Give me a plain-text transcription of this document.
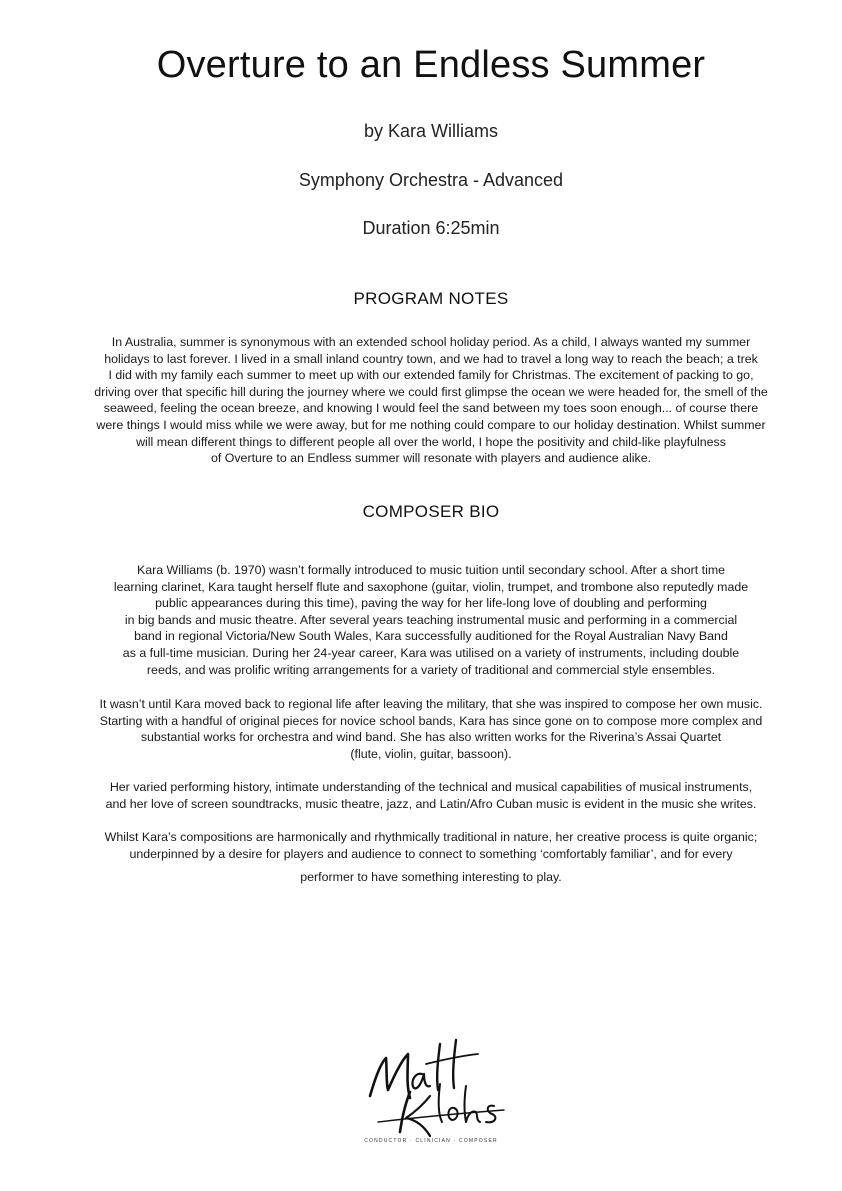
Overture to an Endless Summer
by Kara Williams
Symphony Orchestra - Advanced
Duration 6:25min
PROGRAM NOTES
In Australia, summer is synonymous with an extended school holiday period. As a child, I always wanted my summer
holidays to last forever. I lived in a small inland country town, and we had to travel a long way to reach the beach; a trek
I did with my family each summer to meet up with our extended family for Christmas. The excitement of packing to go,
driving over that specific hill during the journey where we could first glimpse the ocean we were headed for, the smell of the
seaweed, feeling the ocean breeze, and knowing I would feel the sand between my toes soon enough... of course there
were things I would miss while we were away, but for me nothing could compare to our holiday destination. Whilst summer
will mean different things to different people all over the world, I hope the positivity and child-like playfulness
of Overture to an Endless summer will resonate with players and audience alike.
COMPOSER BIO
Kara Williams (b. 1970) wasn’t formally introduced to music tuition until secondary school. After a short time
learning clarinet, Kara taught herself flute and saxophone (guitar, violin, trumpet, and trombone also reputedly made
public appearances during this time), paving the way for her life-long love of doubling and performing
in big bands and music theatre. After several years teaching instrumental music and performing in a commercial
band in regional Victoria/New South Wales, Kara successfully auditioned for the Royal Australian Navy Band
as a full-time musician. During her 24-year career, Kara was utilised on a variety of instruments, including double
reeds, and was prolific writing arrangements for a variety of traditional and commercial style ensembles.
It wasn’t until Kara moved back to regional life after leaving the military, that she was inspired to compose her own music.
Starting with a handful of original pieces for novice school bands, Kara has since gone on to compose more complex and
substantial works for orchestra and wind band. She has also written works for the Riverina’s Assai Quartet
(flute, violin, guitar, bassoon).
Her varied performing history, intimate understanding of the technical and musical capabilities of musical instruments,
and her love of screen soundtracks, music theatre, jazz, and Latin/Afro Cuban music is evident in the music she writes.
Whilst Kara’s compositions are harmonically and rhythmically traditional in nature, her creative process is quite organic;
underpinned by a desire for players and audience to connect to something ‘comfortably familiar’, and for every
performer to have something interesting to play.
CONDUCTOR · CLINICIAN · COMPOSER
